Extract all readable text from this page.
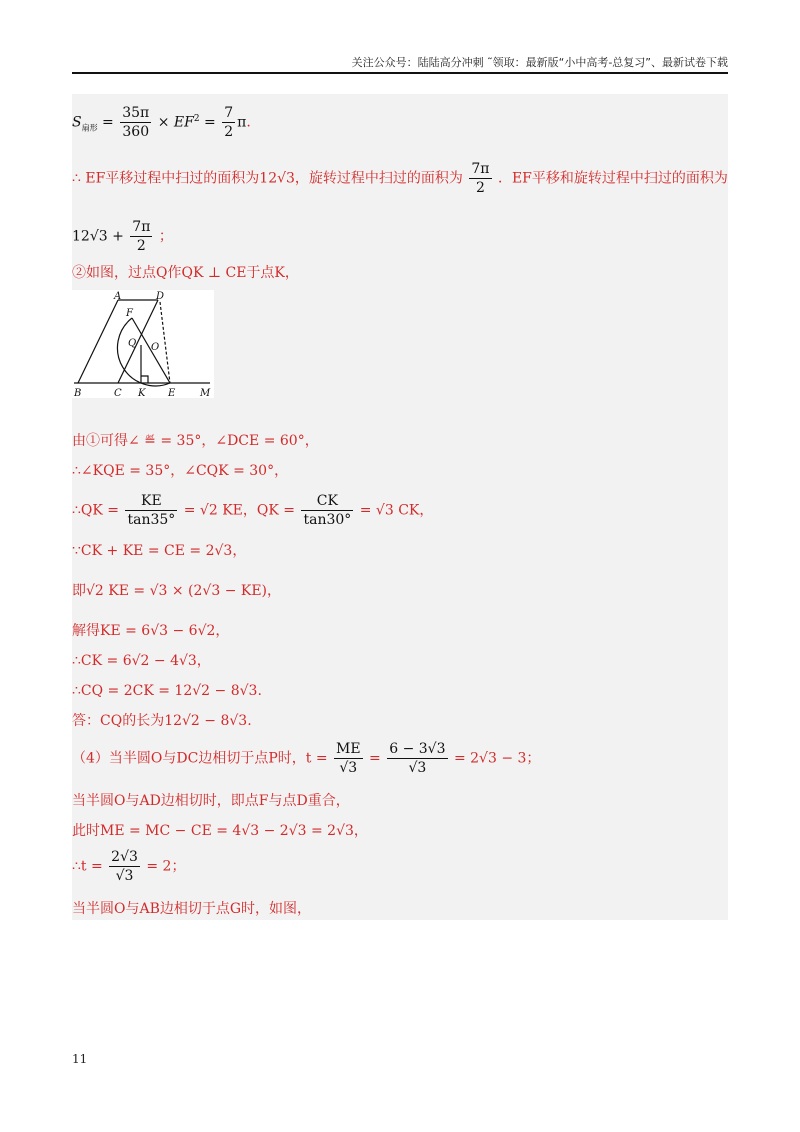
关注公众号：陆陆高分冲刺 ˜领取：最新版“小中高考-总复习”、最新试卷下载
$S_{扇形} = \frac{35\pi}{360} \times EF^2 = \frac{7}{2} \pi$.
∴ EF平移过程中扫过的面积为12√3，旋转过程中扫过的面积为 $\frac{7\pi}{2}$ ．EF平移和旋转过程中扫过的面积为
$12√3 + \frac{7\pi}{2}$ ；
②如图，过点Q作QK ⊥ CE于点K，
A	D
F
Q O
B	C K E M
由①可得∠ ≝ = 35°，∠DCE = 60°，
∴∠KQE = 35°，∠CQK = 30°，
∴QK = $\frac{KE}{\tan 35^\circ} = √2$ KE，QK = $\frac{CK}{\tan 30^\circ} = √3$ CK，
∵CK + KE = CE = 2√3，
即√2 KE = √3 × (2√3 − KE)，
解得KE = 6√3 − 6√2，
∴CK = 6√2 − 4√3，
∴CQ = 2CK = 12√2 − 8√3.
答：CQ的长为12√2 − 8√3.
（4）当半圆O与DC边相切于点P时，$t = \frac{ME}{√3} = \frac{6 - 3√3}{√3} = 2√3 - 3$；
当半圆O与AD边相切时，即点F与点D重合，
此时ME = MC − CE = 4√3 − 2√3 = 2√3，
∴t = $\frac{2√3}{√3} = 2$；
当半圆O与AB边相切于点G时，如图，
11
